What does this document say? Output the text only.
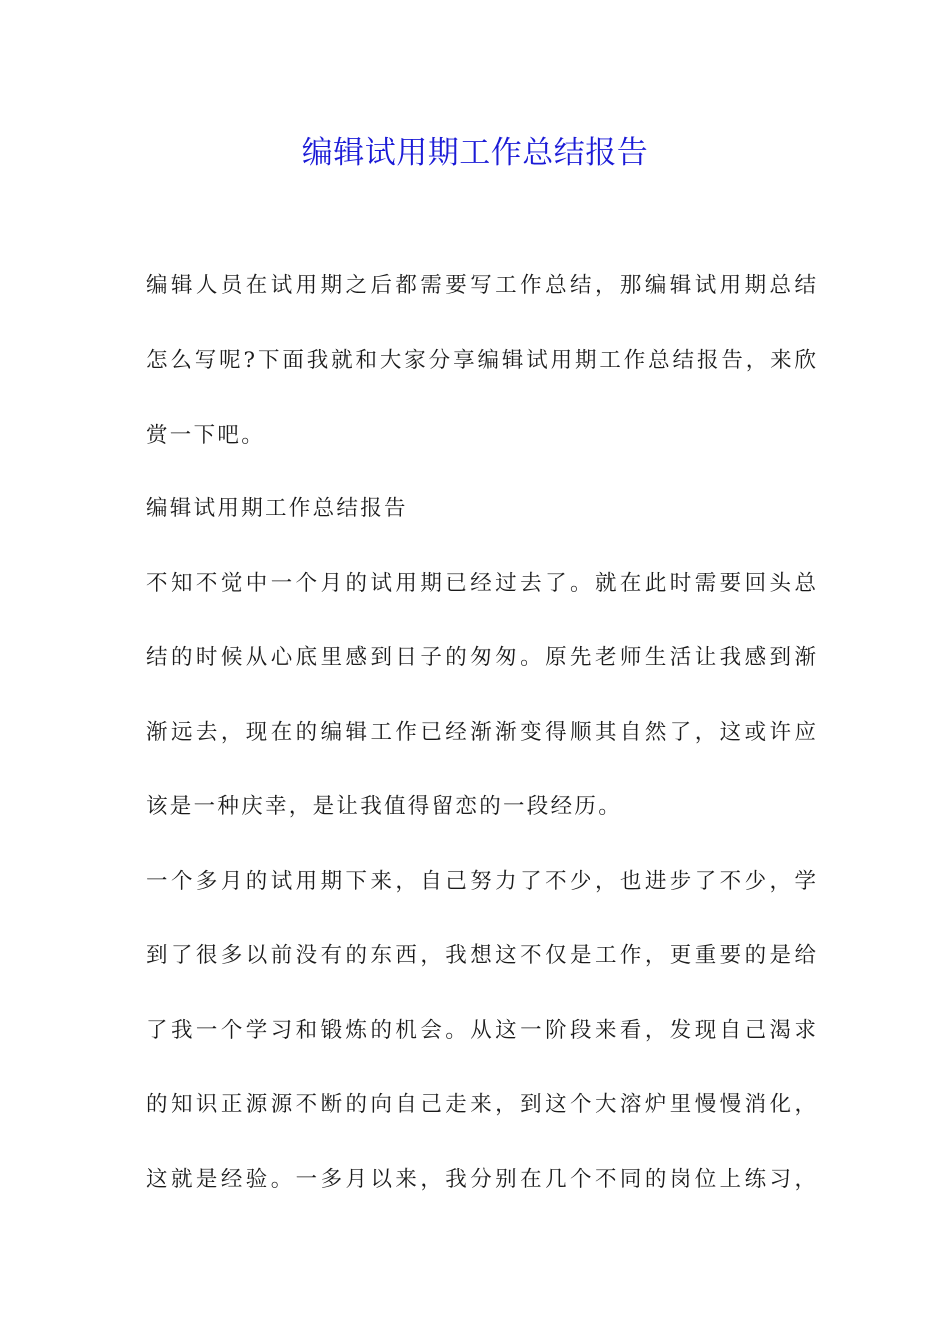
编辑试用期工作总结报告

编辑人员在试用期之后都需要写工作总结，那编辑试用期总结

怎么写呢?下面我就和大家分享编辑试用期工作总结报告，来欣

赏一下吧。

编辑试用期工作总结报告

不知不觉中一个月的试用期已经过去了。就在此时需要回头总

结的时候从心底里感到日子的匆匆。原先老师生活让我感到渐

渐远去，现在的编辑工作已经渐渐变得顺其自然了，这或许应

该是一种庆幸，是让我值得留恋的一段经历。

一个多月的试用期下来，自己努力了不少，也进步了不少，学

到了很多以前没有的东西，我想这不仅是工作，更重要的是给

了我一个学习和锻炼的机会。从这一阶段来看，发现自己渴求

的知识正源源不断的向自己走来，到这个大溶炉里慢慢消化，

这就是经验。一多月以来，我分别在几个不同的岗位上练习，
